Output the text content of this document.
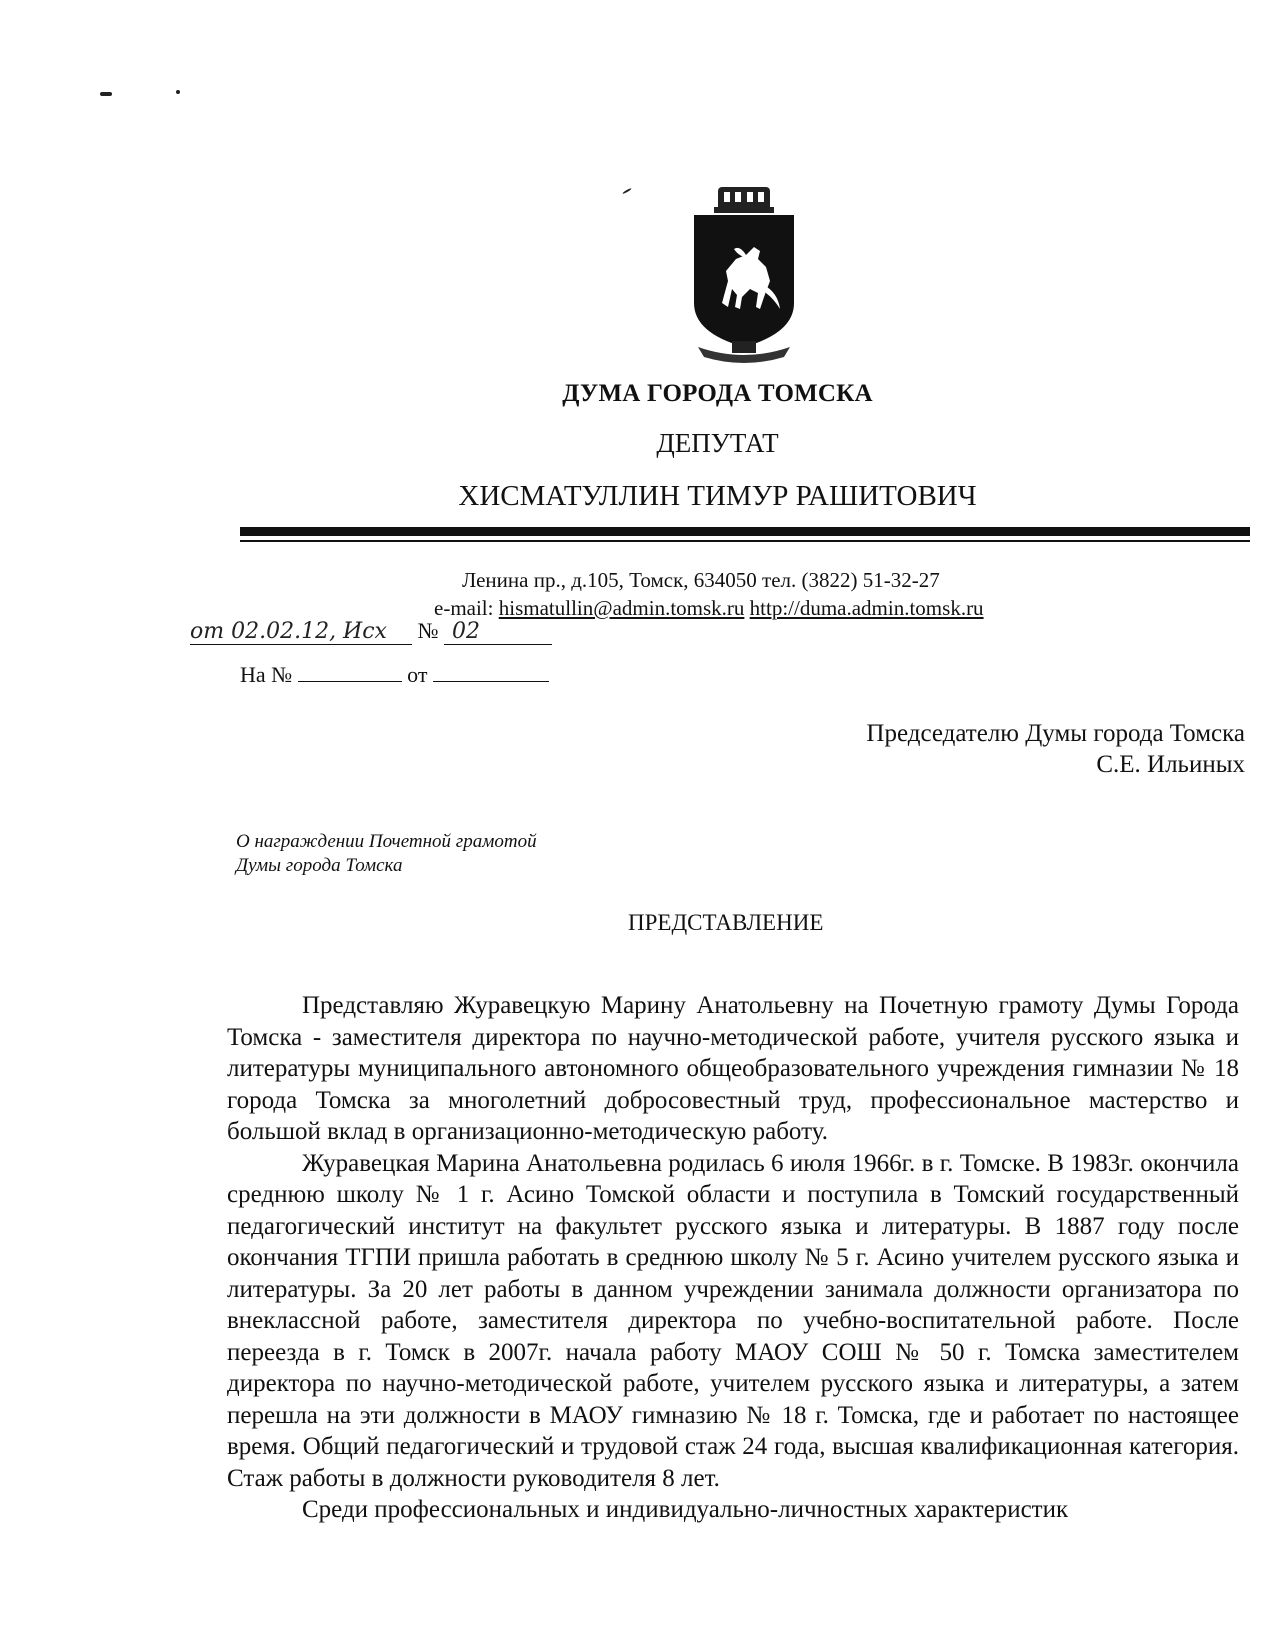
ДУМА ГОРОДА ТОМСКА
ДЕПУТАТ
ХИСМАТУЛЛИН ТИМУР РАШИТОВИЧ
Ленина пр., д.105, Томск, 634050 тел. (3822) 51-32-27
e-mail: hismatullin@admin.tomsk.ru http://duma.admin.tomsk.ru
от 02.02.12, Исх № 02
На №	от
Председателю Думы города Томска
С.Е. Ильиных
О награждении Почетной грамотой
Думы города Томска
ПРЕДСТАВЛЕНИЕ

Представляю Журавецкую Марину Анатольевну на Почетную грамоту Думы Города Томска - заместителя директора по научно-методической работе, учителя русского языка и литературы муниципального автономного общеобразовательного учреждения гимназии № 18 города Томска за многолетний добросовестный труд, профессиональное мастерство и большой вклад в организационно-методическую работу.

Журавецкая Марина Анатольевна родилась 6 июля 1966г. в г. Томске. В 1983г. окончила среднюю школу № 1 г. Асино Томской области и поступила в Томский государственный педагогический институт на факультет русского языка и литературы. В 1887 году после окончания ТГПИ пришла работать в среднюю школу № 5 г. Асино учителем русского языка и литературы. За 20 лет работы в данном учреждении занимала должности организатора по внеклассной работе, заместителя директора по учебно-воспитательной работе. После переезда в г. Томск в 2007г. начала работу МАОУ СОШ № 50 г. Томска заместителем директора по научно-методической работе, учителем русского языка и литературы, а затем перешла на эти должности в МАОУ гимназию № 18 г. Томска, где и работает по настоящее время. Общий педагогический и трудовой стаж 24 года, высшая квалификационная категория. Стаж работы в должности руководителя 8 лет.

Среди профессиональных и индивидуально-личностных характеристик
